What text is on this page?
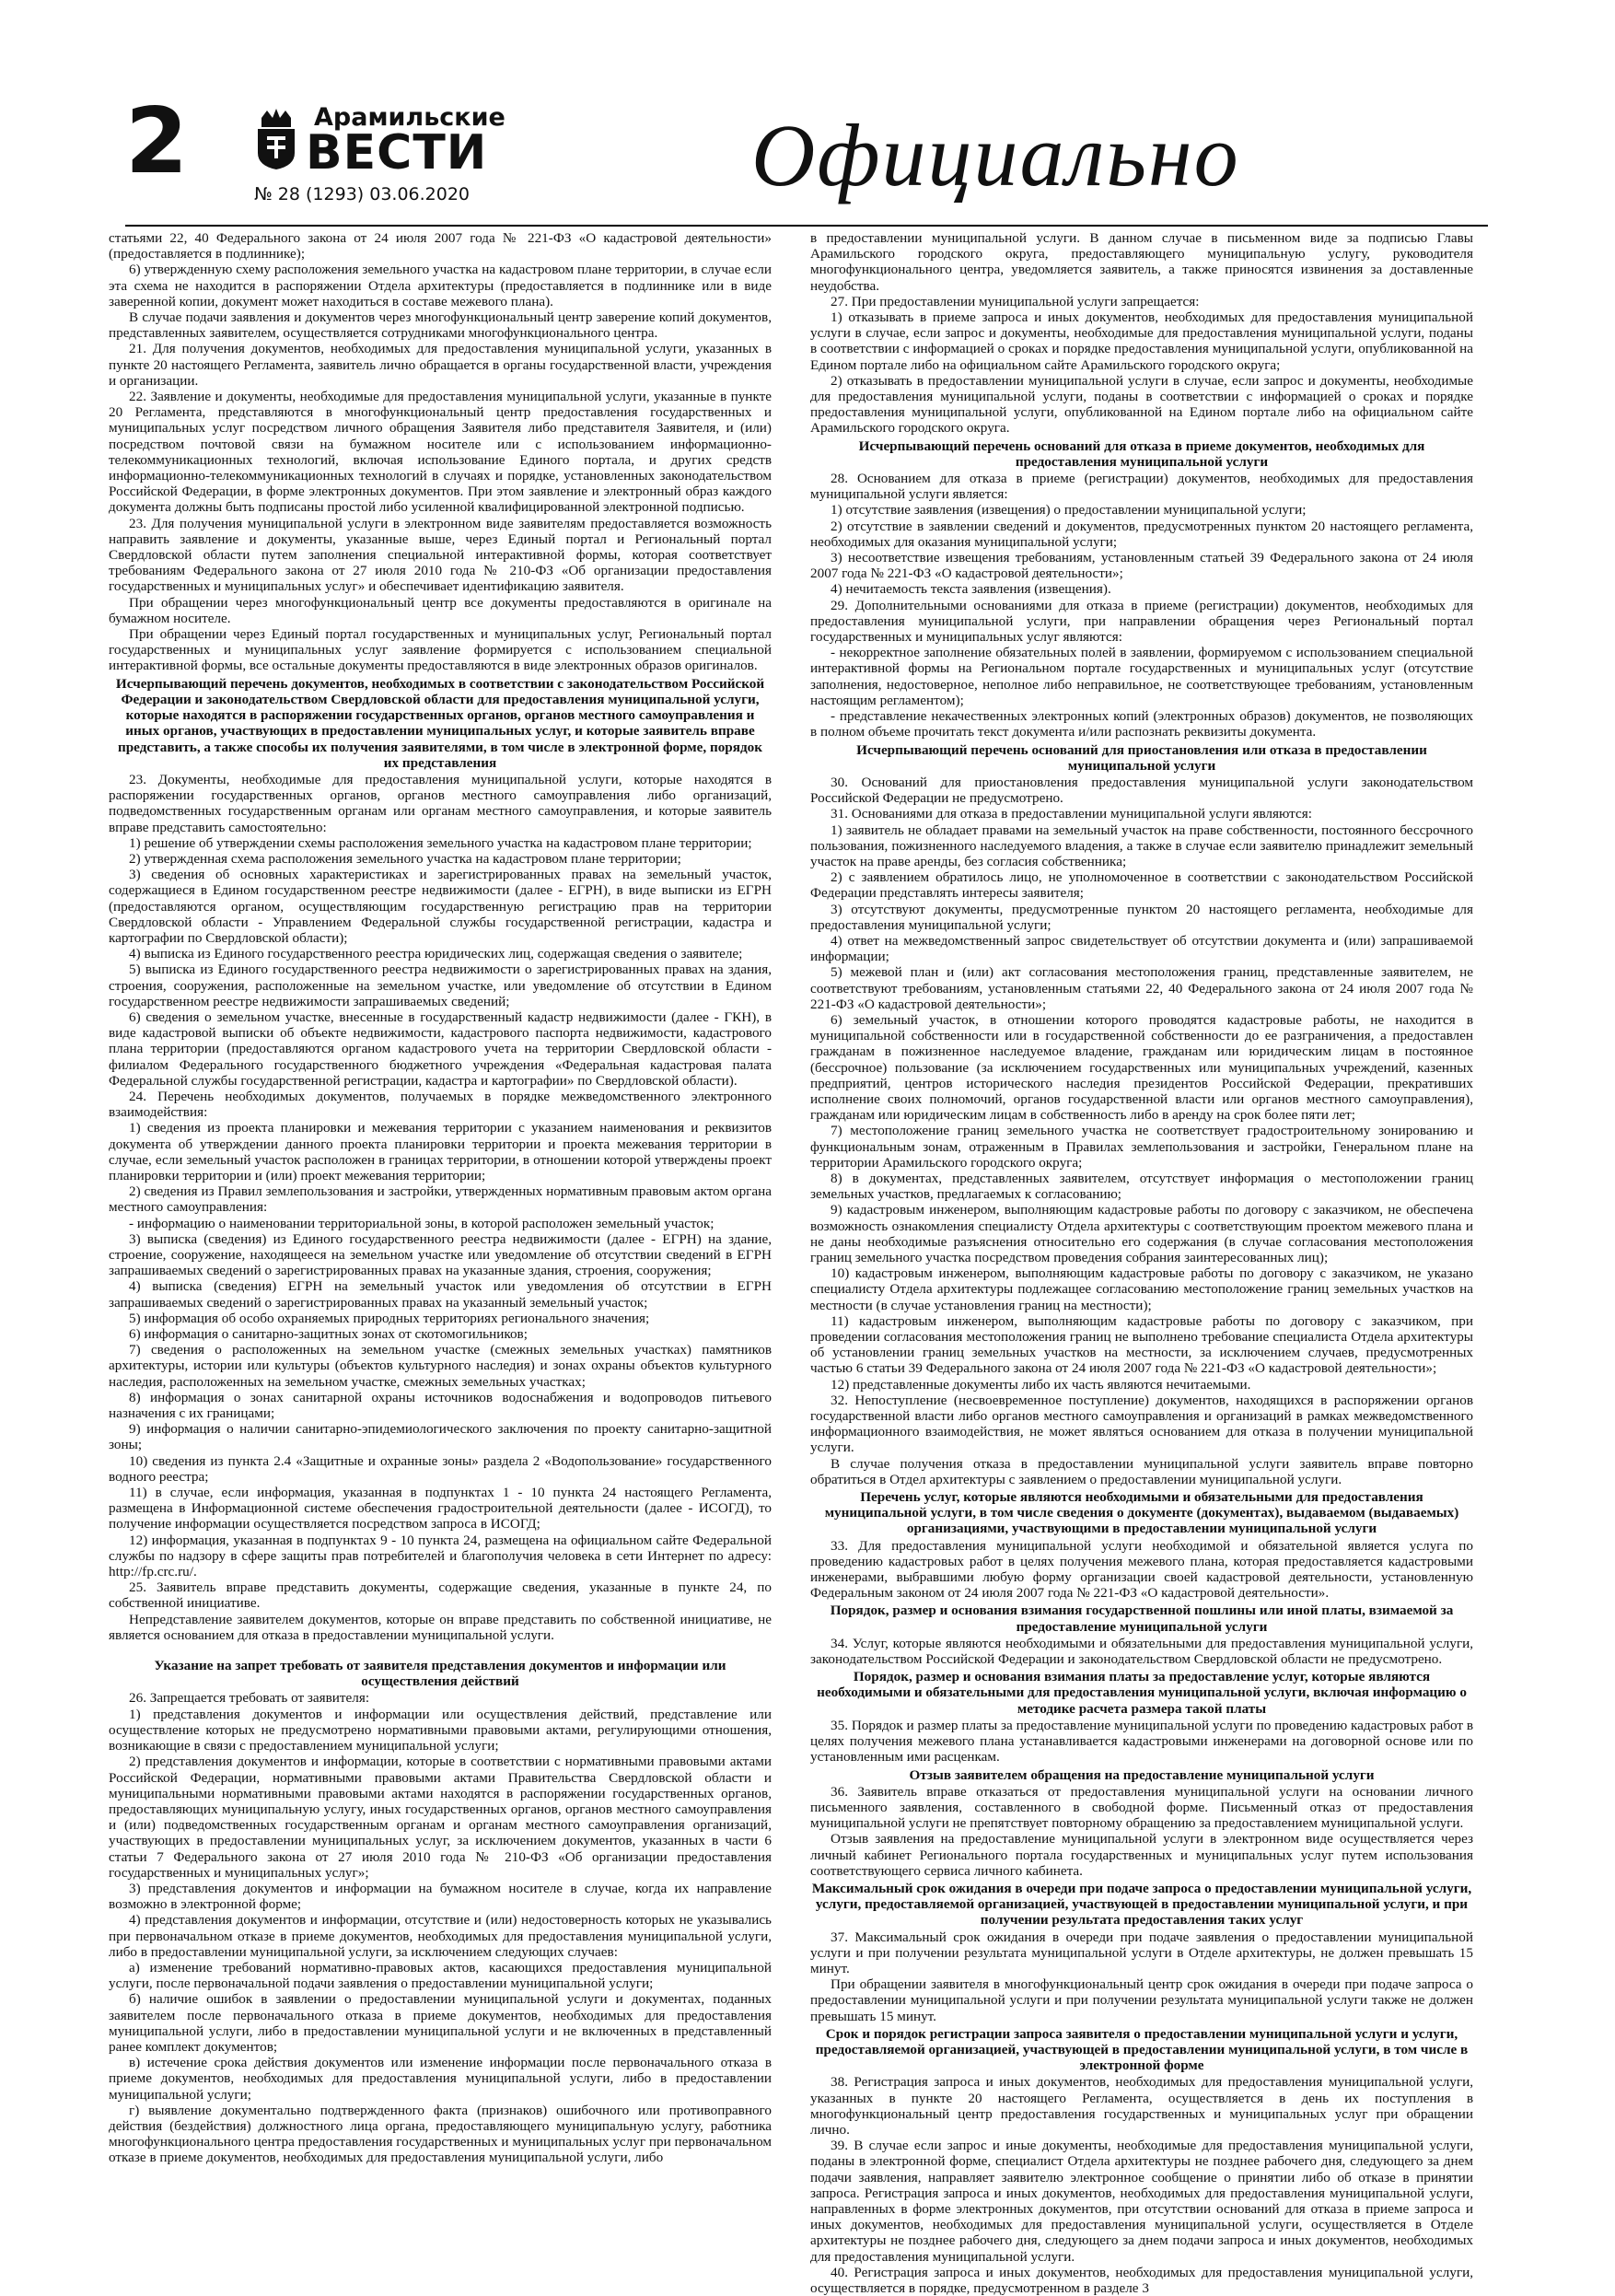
2	Арамильские
ВЕСТИ
№ 28 (1293) 03.06.2020	Официально

статьями 22, 40 Федерального закона от 24 июля 2007 года № 221-ФЗ «О кадастровой деятельности» (предоставляется в подлиннике);

6) утвержденную схему расположения земельного участка на кадастровом плане территории, в случае если эта схема не находится в распоряжении Отдела архитектуры (предоставляется в подлиннике или в виде заверенной копии, документ может находиться в составе межевого плана).

В случае подачи заявления и документов через многофункциональный центр заверение копий документов, представленных заявителем, осуществляется сотрудниками многофункционального центра.

21. Для получения документов, необходимых для предоставления муниципальной услуги, указанных в пункте 20 настоящего Регламента, заявитель лично обращается в органы государственной власти, учреждения и организации.

22. Заявление и документы, необходимые для предоставления муниципальной услуги, указанные в пункте 20 Регламента, представляются в многофункциональный центр предоставления государственных и муниципальных услуг посредством личного обращения Заявителя либо представителя Заявителя, и (или) посредством почтовой связи на бумажном носителе или с использованием информационно-телекоммуникационных технологий, включая использование Единого портала, и других средств информационно-телекоммуникационных технологий в случаях и порядке, установленных законодательством Российской Федерации, в форме электронных документов. При этом заявление и электронный образ каждого документа должны быть подписаны простой либо усиленной квалифицированной электронной подписью.

23. Для получения муниципальной услуги в электронном виде заявителям предоставляется возможность направить заявление и документы, указанные выше, через Единый портал и Региональный портал Свердловской области путем заполнения специальной интерактивной формы, которая соответствует требованиям Федерального закона от 27 июля 2010 года № 210-ФЗ «Об организации предоставления государственных и муниципальных услуг» и обеспечивает идентификацию заявителя.

При обращении через многофункциональный центр все документы предоставляются в оригинале на бумажном носителе.

При обращении через Единый портал государственных и муниципальных услуг, Региональный портал государственных и муниципальных услуг заявление формируется с использованием специальной интерактивной формы, все остальные документы предоставляются в виде электронных образов оригиналов.

Исчерпывающий перечень документов, необходимых в соответствии с законодательством Российской Федерации и законодательством Свердловской области для предоставления муниципальной услуги, которые находятся в распоряжении государственных органов, органов местного самоуправления и иных органов, участвующих в предоставлении муниципальных услуг, и которые заявитель вправе представить, а также способы их получения заявителями, в том числе в электронной форме, порядок их представления

23. Документы, необходимые для предоставления муниципальной услуги, которые находятся в распоряжении государственных органов, органов местного самоуправления либо организаций, подведомственных государственным органам или органам местного самоуправления, и которые заявитель вправе представить самостоятельно:

1) решение об утверждении схемы расположения земельного участка на кадастровом плане территории;

2) утвержденная схема расположения земельного участка на кадастровом плане территории;

3) сведения об основных характеристиках и зарегистрированных правах на земельный участок, содержащиеся в Едином государственном реестре недвижимости (далее - ЕГРН), в виде выписки из ЕГРН (предоставляются органом, осуществляющим государственную регистрацию прав на территории Свердловской области - Управлением Федеральной службы государственной регистрации, кадастра и картографии по Свердловской области);

4) выписка из Единого государственного реестра юридических лиц, содержащая сведения о заявителе;

5) выписка из Единого государственного реестра недвижимости о зарегистрированных правах на здания, строения, сооружения, расположенные на земельном участке, или уведомление об отсутствии в Едином государственном реестре недвижимости запрашиваемых сведений;

6) сведения о земельном участке, внесенные в государственный кадастр недвижимости (далее - ГКН), в виде кадастровой выписки об объекте недвижимости, кадастрового паспорта недвижимости, кадастрового плана территории (предоставляются органом кадастрового учета на территории Свердловской области - филиалом Федерального государственного бюджетного учреждения «Федеральная кадастровая палата Федеральной службы государственной регистрации, кадастра и картографии» по Свердловской области).

24. Перечень необходимых документов, получаемых в порядке межведомственного электронного взаимодействия:

1) сведения из проекта планировки и межевания территории с указанием наименования и реквизитов документа об утверждении данного проекта планировки территории и проекта межевания территории в случае, если земельный участок расположен в границах территории, в отношении которой утверждены проект планировки территории и (или) проект межевания территории;

2) сведения из Правил землепользования и застройки, утвержденных нормативным правовым актом органа местного самоуправления:

- информацию о наименовании территориальной зоны, в которой расположен земельный участок;

3) выписка (сведения) из Единого государственного реестра недвижимости (далее - ЕГРН) на здание, строение, сооружение, находящееся на земельном участке или уведомление об отсутствии сведений в ЕГРН запрашиваемых сведений о зарегистрированных правах на указанные здания, строения, сооружения;

4) выписка (сведения) ЕГРН на земельный участок или уведомления об отсутствии в ЕГРН запрашиваемых сведений о зарегистрированных правах на указанный земельный участок;

5) информация об особо охраняемых природных территориях регионального значения;

6) информация о санитарно-защитных зонах от скотомогильников;

7) сведения о расположенных на земельном участке (смежных земельных участках) памятников архитектуры, истории или культуры (объектов культурного наследия) и зонах охраны объектов культурного наследия, расположенных на земельном участке, смежных земельных участках;

8) информация о зонах санитарной охраны источников водоснабжения и водопроводов питьевого назначения с их границами;

9) информация о наличии санитарно-эпидемиологического заключения по проекту санитарно-защитной зоны;

10) сведения из пункта 2.4 «Защитные и охранные зоны» раздела 2 «Водопользование» государственного водного реестра;

11) в случае, если информация, указанная в подпунктах 1 - 10 пункта 24 настоящего Регламента, размещена в Информационной системе обеспечения градостроительной деятельности (далее - ИСОГД), то получение информации осуществляется посредством запроса в ИСОГД;

12) информация, указанная в подпунктах 9 - 10 пункта 24, размещена на официальном сайте Федеральной службы по надзору в сфере защиты прав потребителей и благополучия человека в сети Интернет по адресу: http://fp.crc.ru/.

25. Заявитель вправе представить документы, содержащие сведения, указанные в пункте 24, по собственной инициативе.

Непредставление заявителем документов, которые он вправе представить по собственной инициативе, не является основанием для отказа в предоставлении муниципальной услуги.

Указание на запрет требовать от заявителя представления документов и информации или осуществления действий

26. Запрещается требовать от заявителя:

1) представления документов и информации или осуществления действий, представление или осуществление которых не предусмотрено нормативными правовыми актами, регулирующими отношения, возникающие в связи с предоставлением муниципальной услуги;

2) представления документов и информации, которые в соответствии с нормативными правовыми актами Российской Федерации, нормативными правовыми актами Правительства Свердловской области и муниципальными нормативными правовыми актами находятся в распоряжении государственных органов, предоставляющих муниципальную услугу, иных государственных органов, органов местного самоуправления и (или) подведомственных государственным органам и органам местного самоуправления организаций, участвующих в предоставлении муниципальных услуг, за исключением документов, указанных в части 6 статьи 7 Федерального закона от 27 июля 2010 года № 210-ФЗ «Об организации предоставления государственных и муниципальных услуг»;

3) представления документов и информации на бумажном носителе в случае, когда их направление возможно в электронной форме;

4) представления документов и информации, отсутствие и (или) недостоверность которых не указывались при первоначальном отказе в приеме документов, необходимых для предоставления муниципальной услуги, либо в предоставлении муниципальной услуги, за исключением следующих случаев:

а) изменение требований нормативно-правовых актов, касающихся предоставления муниципальной услуги, после первоначальной подачи заявления о предоставлении муниципальной услуги;

б) наличие ошибок в заявлении о предоставлении муниципальной услуги и документах, поданных заявителем после первоначального отказа в приеме документов, необходимых для предоставления муниципальной услуги, либо в предоставлении муниципальной услуги и не включенных в представленный ранее комплект документов;

в) истечение срока действия документов или изменение информации после первоначального отказа в приеме документов, необходимых для предоставления муниципальной услуги, либо в предоставлении муниципальной услуги;

г) выявление документально подтвержденного факта (признаков) ошибочного или противоправного действия (бездействия) должностного лица органа, предоставляющего муниципальную услугу, работника многофункционального центра предоставления государственных и муниципальных услуг при первоначальном отказе в приеме документов, необходимых для предоставления муниципальной услуги, либо

в предоставлении муниципальной услуги. В данном случае в письменном виде за подписью Главы Арамильского городского округа, предоставляющего муниципальную услугу, руководителя многофункционального центра, уведомляется заявитель, а также приносятся извинения за доставленные неудобства.

27. При предоставлении муниципальной услуги запрещается:

1) отказывать в приеме запроса и иных документов, необходимых для предоставления муниципальной услуги в случае, если запрос и документы, необходимые для предоставления муниципальной услуги, поданы в соответствии с информацией о сроках и порядке предоставления муниципальной услуги, опубликованной на Едином портале либо на официальном сайте Арамильского городского округа;

2) отказывать в предоставлении муниципальной услуги в случае, если запрос и документы, необходимые для предоставления муниципальной услуги, поданы в соответствии с информацией о сроках и порядке предоставления муниципальной услуги, опубликованной на Едином портале либо на официальном сайте Арамильского городского округа.

Исчерпывающий перечень оснований для отказа в приеме документов, необходимых для предоставления муниципальной услуги

28. Основанием для отказа в приеме (регистрации) документов, необходимых для предоставления муниципальной услуги является:

1) отсутствие заявления (извещения) о предоставлении муниципальной услуги;

2) отсутствие в заявлении сведений и документов, предусмотренных пунктом 20 настоящего регламента, необходимых для оказания муниципальной услуги;

3) несоответствие извещения требованиям, установленным статьей 39 Федерального закона от 24 июля 2007 года № 221-ФЗ «О кадастровой деятельности»;

4) нечитаемость текста заявления (извещения).

29. Дополнительными основаниями для отказа в приеме (регистрации) документов, необходимых для предоставления муниципальной услуги, при направлении обращения через Региональный портал государственных и муниципальных услуг являются:

- некорректное заполнение обязательных полей в заявлении, формируемом с использованием специальной интерактивной формы на Региональном портале государственных и муниципальных услуг (отсутствие заполнения, недостоверное, неполное либо неправильное, не соответствующее требованиям, установленным настоящим регламентом);

- представление некачественных электронных копий (электронных образов) документов, не позволяющих в полном объеме прочитать текст документа и/или распознать реквизиты документа.

Исчерпывающий перечень оснований для приостановления или отказа в предоставлении муниципальной услуги

30. Оснований для приостановления предоставления муниципальной услуги законодательством Российской Федерации не предусмотрено.

31. Основаниями для отказа в предоставлении муниципальной услуги являются:

1) заявитель не обладает правами на земельный участок на праве собственности, постоянного бессрочного пользования, пожизненного наследуемого владения, а также в случае если заявителю принадлежит земельный участок на праве аренды, без согласия собственника;

2) с заявлением обратилось лицо, не уполномоченное в соответствии с законодательством Российской Федерации представлять интересы заявителя;

3) отсутствуют документы, предусмотренные пунктом 20 настоящего регламента, необходимые для предоставления муниципальной услуги;

4) ответ на межведомственный запрос свидетельствует об отсутствии документа и (или) запрашиваемой информации;

5) межевой план и (или) акт согласования местоположения границ, представленные заявителем, не соответствуют требованиям, установленным статьями 22, 40 Федерального закона от 24 июля 2007 года № 221-ФЗ «О кадастровой деятельности»;

6) земельный участок, в отношении которого проводятся кадастровые работы, не находится в муниципальной собственности или в государственной собственности до ее разграничения, а предоставлен гражданам в пожизненное наследуемое владение, гражданам или юридическим лицам в постоянное (бессрочное) пользование (за исключением государственных или муниципальных учреждений, казенных предприятий, центров исторического наследия президентов Российской Федерации, прекративших исполнение своих полномочий, органов государственной власти или органов местного самоуправления), гражданам или юридическим лицам в собственность либо в аренду на срок более пяти лет;

7) местоположение границ земельного участка не соответствует градостроительному зонированию и функциональным зонам, отраженным в Правилах землепользования и застройки, Генеральном плане на территории Арамильского городского округа;

8) в документах, представленных заявителем, отсутствует информация о местоположении границ земельных участков, предлагаемых к согласованию;

9) кадастровым инженером, выполняющим кадастровые работы по договору с заказчиком, не обеспечена возможность ознакомления специалисту Отдела архитектуры с соответствующим проектом межевого плана и не даны необходимые разъяснения относительно его содержания (в случае согласования местоположения границ земельного участка посредством проведения собрания заинтересованных лиц);

10) кадастровым инженером, выполняющим кадастровые работы по договору с заказчиком, не указано специалисту Отдела архитектуры подлежащее согласованию местоположение границ земельных участков на местности (в случае установления границ на местности);

11) кадастровым инженером, выполняющим кадастровые работы по договору с заказчиком, при проведении согласования местоположения границ не выполнено требование специалиста Отдела архитектуры об установлении границ земельных участков на местности, за исключением случаев, предусмотренных частью 6 статьи 39 Федерального закона от 24 июля 2007 года № 221-ФЗ «О кадастровой деятельности»;

12) представленные документы либо их часть являются нечитаемыми.

32. Непоступление (несвоевременное поступление) документов, находящихся в распоряжении органов государственной власти либо органов местного самоуправления и организаций в рамках межведомственного информационного взаимодействия, не может являться основанием для отказа в получении муниципальной услуги.

В случае получения отказа в предоставлении муниципальной услуги заявитель вправе повторно обратиться в Отдел архитектуры с заявлением о предоставлении муниципальной услуги.

Перечень услуг, которые являются необходимыми и обязательными для предоставления муниципальной услуги, в том числе сведения о документе (документах), выдаваемом (выдаваемых) организациями, участвующими в предоставлении муниципальной услуги

33. Для предоставления муниципальной услуги необходимой и обязательной является услуга по проведению кадастровых работ в целях получения межевого плана, которая предоставляется кадастровыми инженерами, выбравшими любую форму организации своей кадастровой деятельности, установленную Федеральным законом от 24 июля 2007 года № 221-ФЗ «О кадастровой деятельности».

Порядок, размер и основания взимания государственной пошлины или иной платы, взимаемой за предоставление муниципальной услуги

34. Услуг, которые являются необходимыми и обязательными для предоставления муниципальной услуги, законодательством Российской Федерации и законодательством Свердловской области не предусмотрено.

Порядок, размер и основания взимания платы за предоставление услуг, которые являются необходимыми и обязательными для предоставления муниципальной услуги, включая информацию о методике расчета размера такой платы

35. Порядок и размер платы за предоставление муниципальной услуги по проведению кадастровых работ в целях получения межевого плана устанавливается кадастровыми инженерами на договорной основе или по установленным ими расценкам.

Отзыв заявителем обращения на предоставление муниципальной услуги

36. Заявитель вправе отказаться от предоставления муниципальной услуги на основании личного письменного заявления, составленного в свободной форме. Письменный отказ от предоставления муниципальной услуги не препятствует повторному обращению за предоставлением муниципальной услуги.

Отзыв заявления на предоставление муниципальной услуги в электронном виде осуществляется через личный кабинет Регионального портала государственных и муниципальных услуг путем использования соответствующего сервиса личного кабинета.

Максимальный срок ожидания в очереди при подаче запроса о предоставлении муниципальной услуги, услуги, предоставляемой организацией, участвующей в предоставлении муниципальной услуги, и при получении результата предоставления таких услуг

37. Максимальный срок ожидания в очереди при подаче заявления о предоставлении муниципальной услуги и при получении результата муниципальной услуги в Отделе архитектуры, не должен превышать 15 минут.

При обращении заявителя в многофункциональный центр срок ожидания в очереди при подаче запроса о предоставлении муниципальной услуги и при получении результата муниципальной услуги также не должен превышать 15 минут.

Срок и порядок регистрации запроса заявителя о предоставлении муниципальной услуги и услуги, предоставляемой организацией, участвующей в предоставлении муниципальной услуги, в том числе в электронной форме

38. Регистрация запроса и иных документов, необходимых для предоставления муниципальной услуги, указанных в пункте 20 настоящего Регламента, осуществляется в день их поступления в многофункциональный центр предоставления государственных и муниципальных услуг при обращении лично.

39. В случае если запрос и иные документы, необходимые для предоставления муниципальной услуги, поданы в электронной форме, специалист Отдела архитектуры не позднее рабочего дня, следующего за днем подачи заявления, направляет заявителю электронное сообщение о принятии либо об отказе в принятии запроса. Регистрация запроса и иных документов, необходимых для предоставления муниципальной услуги, направленных в форме электронных документов, при отсутствии оснований для отказа в приеме запроса и иных документов, необходимых для предоставления муниципальной услуги, осуществляется в Отделе архитектуры не позднее рабочего дня, следующего за днем подачи запроса и иных документов, необходимых для предоставления муниципальной услуги.

40. Регистрация запроса и иных документов, необходимых для предоставления муниципальной услуги, осуществляется в порядке, предусмотренном в разделе 3
